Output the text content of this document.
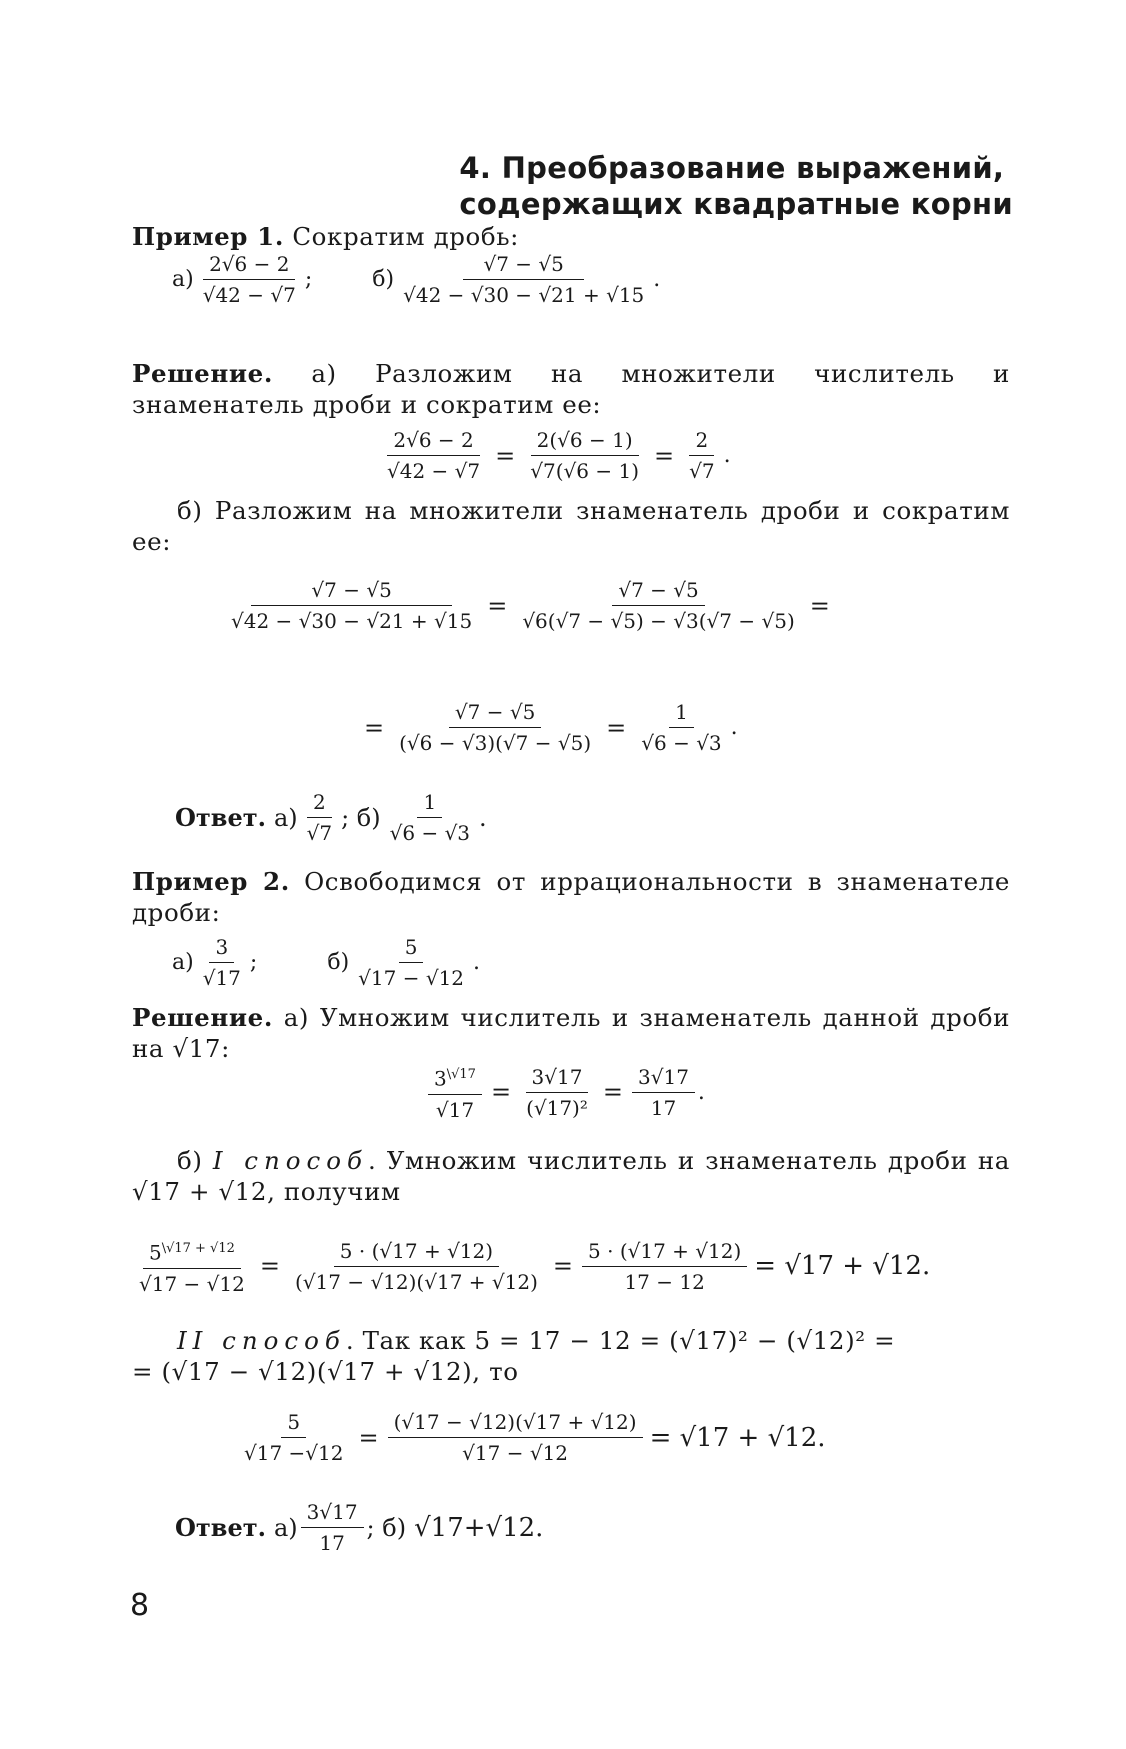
4. Преобразование выражений,
содержащих квадратные корни
Пример 1. Сократим дробь:
$а) \frac{2√6 - 2}{√42 - √7}$ ;	$б) \frac{√7 - √5}{√42 - √30 - √21 + √15}$ .
Решение. а) Разложим на множители числитель и знаменатель дроби и сократим ее:
$\frac{2√6 - 2}{√42 - √7} = \frac{2(√6 - 1)}{√7(√6 - 1)} = \frac{2}{√7}$ .
б) Разложим на множители знаменатель дроби и сократим ее:
$\frac{√7 - √5}{√42 - √30 - √21 + √15} = \frac{√7 - √5}{√6(√7 - √5) - √3(√7 - √5)}$ =
= $\frac{√7 - √5}{(√6 - √3)(√7 - √5)} = \frac{1}{√6 - √3}$ .
Ответ. $а) \frac{2}{√7}$ ; $б) \frac{1}{√6 - √3}$ .
Пример 2. Освободимся от иррациональности в знаменателе дроби:
$а) \frac{3}{√17}$ ;	$б) \frac{5}{√17 - √12}$ .
Решение. а) Умножим числитель и знаменатель данной дроби на √17:
$\frac{3^{\backslash√17}}{√17} = \frac{3√17}{\text{(√17)²}} = \frac{3√17}{17}$ .
б) I способ. Умножим числитель и знаменатель дроби на √17 + √12, получим
$\frac{5^{\backslash√17 + √12}}{√17 - √12} = \frac{5 \cdot (√17 + √12)}{(√17 - √12)(√17 + √12)} = \frac{5 \cdot (√17 + √12)}{17 - 12} = √17 + √12$.
II способ. Так как 5 = 17 − 12 = (√17)² − (√12)² =
= (√17 − √12)(√17 + √12), то
$\frac{5}{√17 -√12} = \frac{(√17 - √12)(√17 + √12)}{√17 - √12} = √17 + √12$.
Ответ. $а) \frac{3√17}{17}$ ; б) √17+√12.
8
